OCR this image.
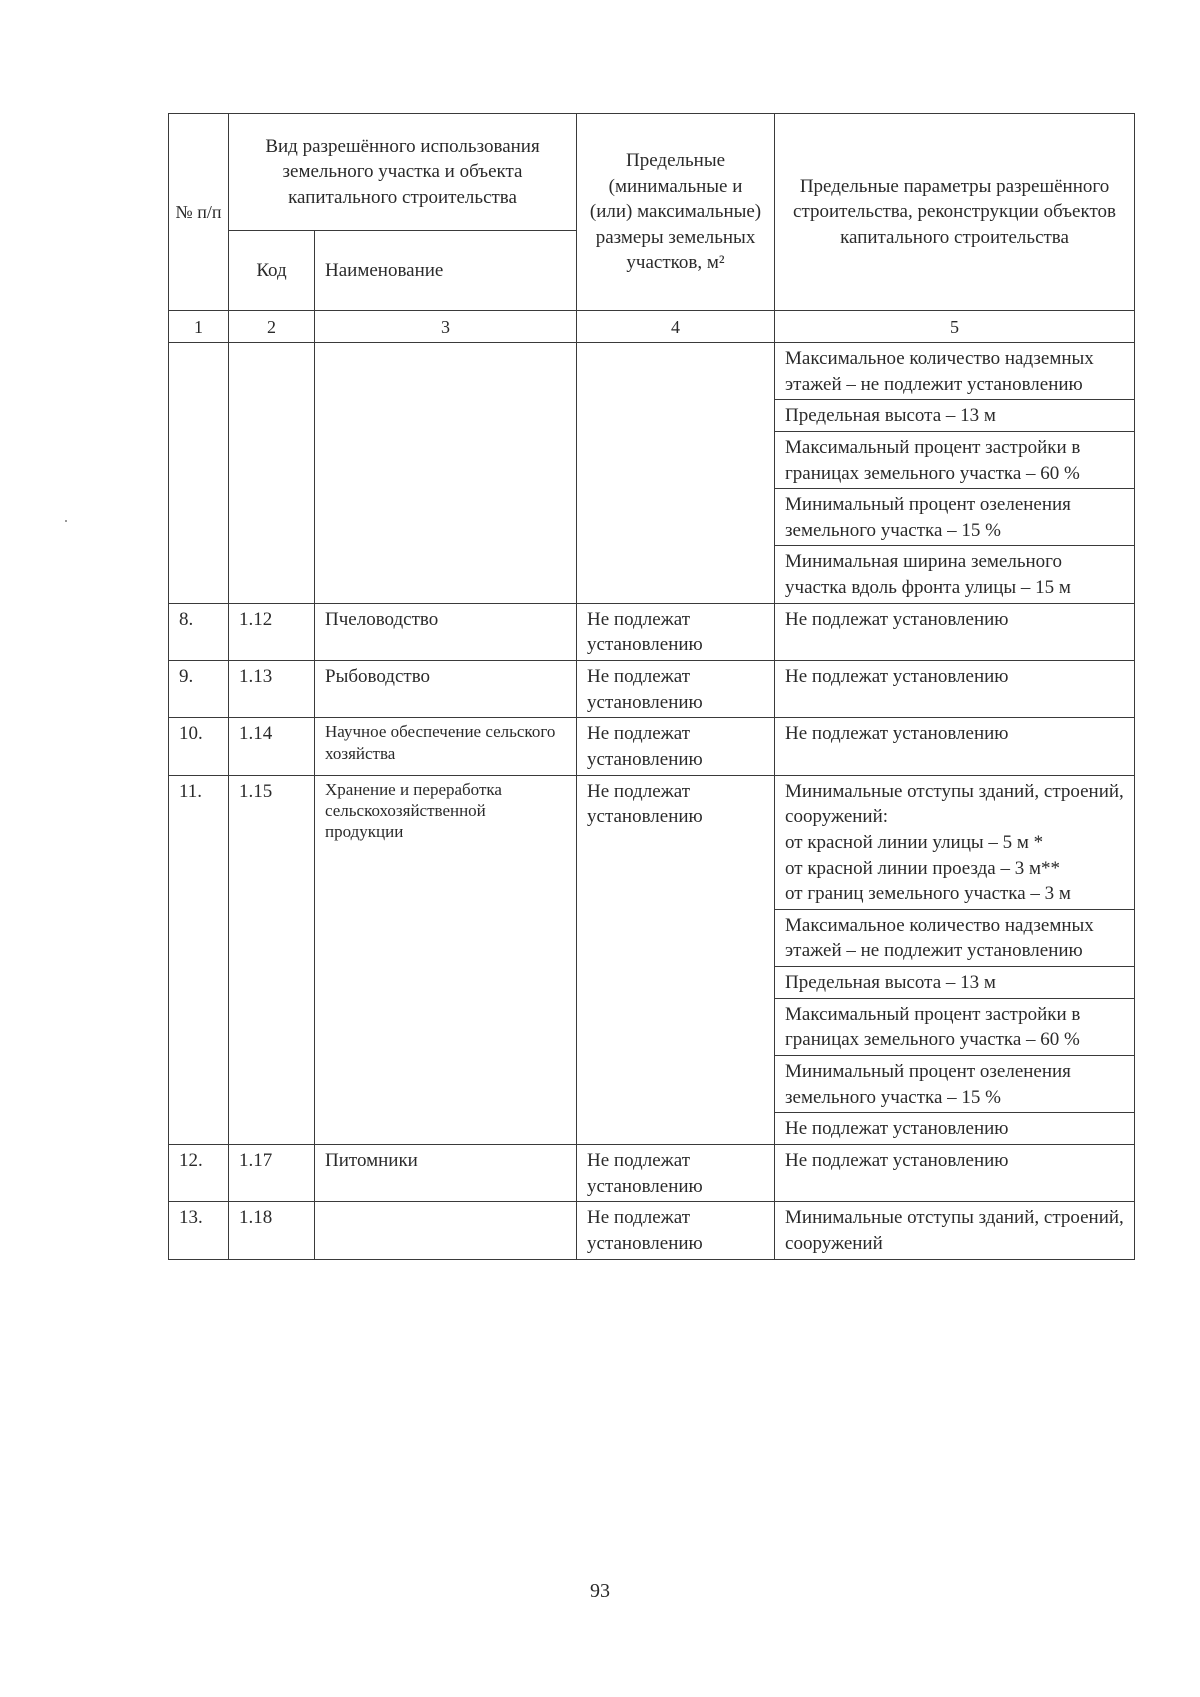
№ п/п	Вид разрешённого использования земельного участка и объекта капитального строительства		Предельные (минимальные и (или) максимальные) размеры земельных участков, м²	Предельные параметры разрешённого строительства, реконструкции объектов капитального строительства
	Код	Наименование		
1	2	3	4	5
				Максимальное количество надземных этажей – не подлежит установлению
				Предельная высота – 13 м
				Максимальный процент застройки в границах земельного участка – 60 %
				Минимальный процент озеленения земельного участка – 15 %
				Минимальная ширина земельного участка вдоль фронта улицы – 15 м
8.	1.12	Пчеловодство	Не подлежат установлению	Не подлежат установлению
9.	1.13	Рыбоводство	Не подлежат установлению	Не подлежат установлению
10.	1.14	Научное обеспечение сельского хозяйства	Не подлежат установлению	Не подлежат установлению
11.	1.15	Хранение и переработка сельскохозяйственной продукции	Не подлежат установлению	Минимальные отступы зданий, строений, сооружений:
от красной линии улицы – 5 м *
от красной линии проезда – 3 м**
от границ земельного участка – 3 м

				Максимальное количество надземных этажей – не подлежит установлению
				Предельная высота – 13 м
				Максимальный процент застройки в границах земельного участка – 60 %
				Минимальный процент озеленения земельного участка – 15 %
				Не подлежат установлению
12.	1.17	Питомники	Не подлежат установлению	Не подлежат установлению
13.	1.18		Не подлежат установлению	Минимальные отступы зданий, строений, сооружений
93
